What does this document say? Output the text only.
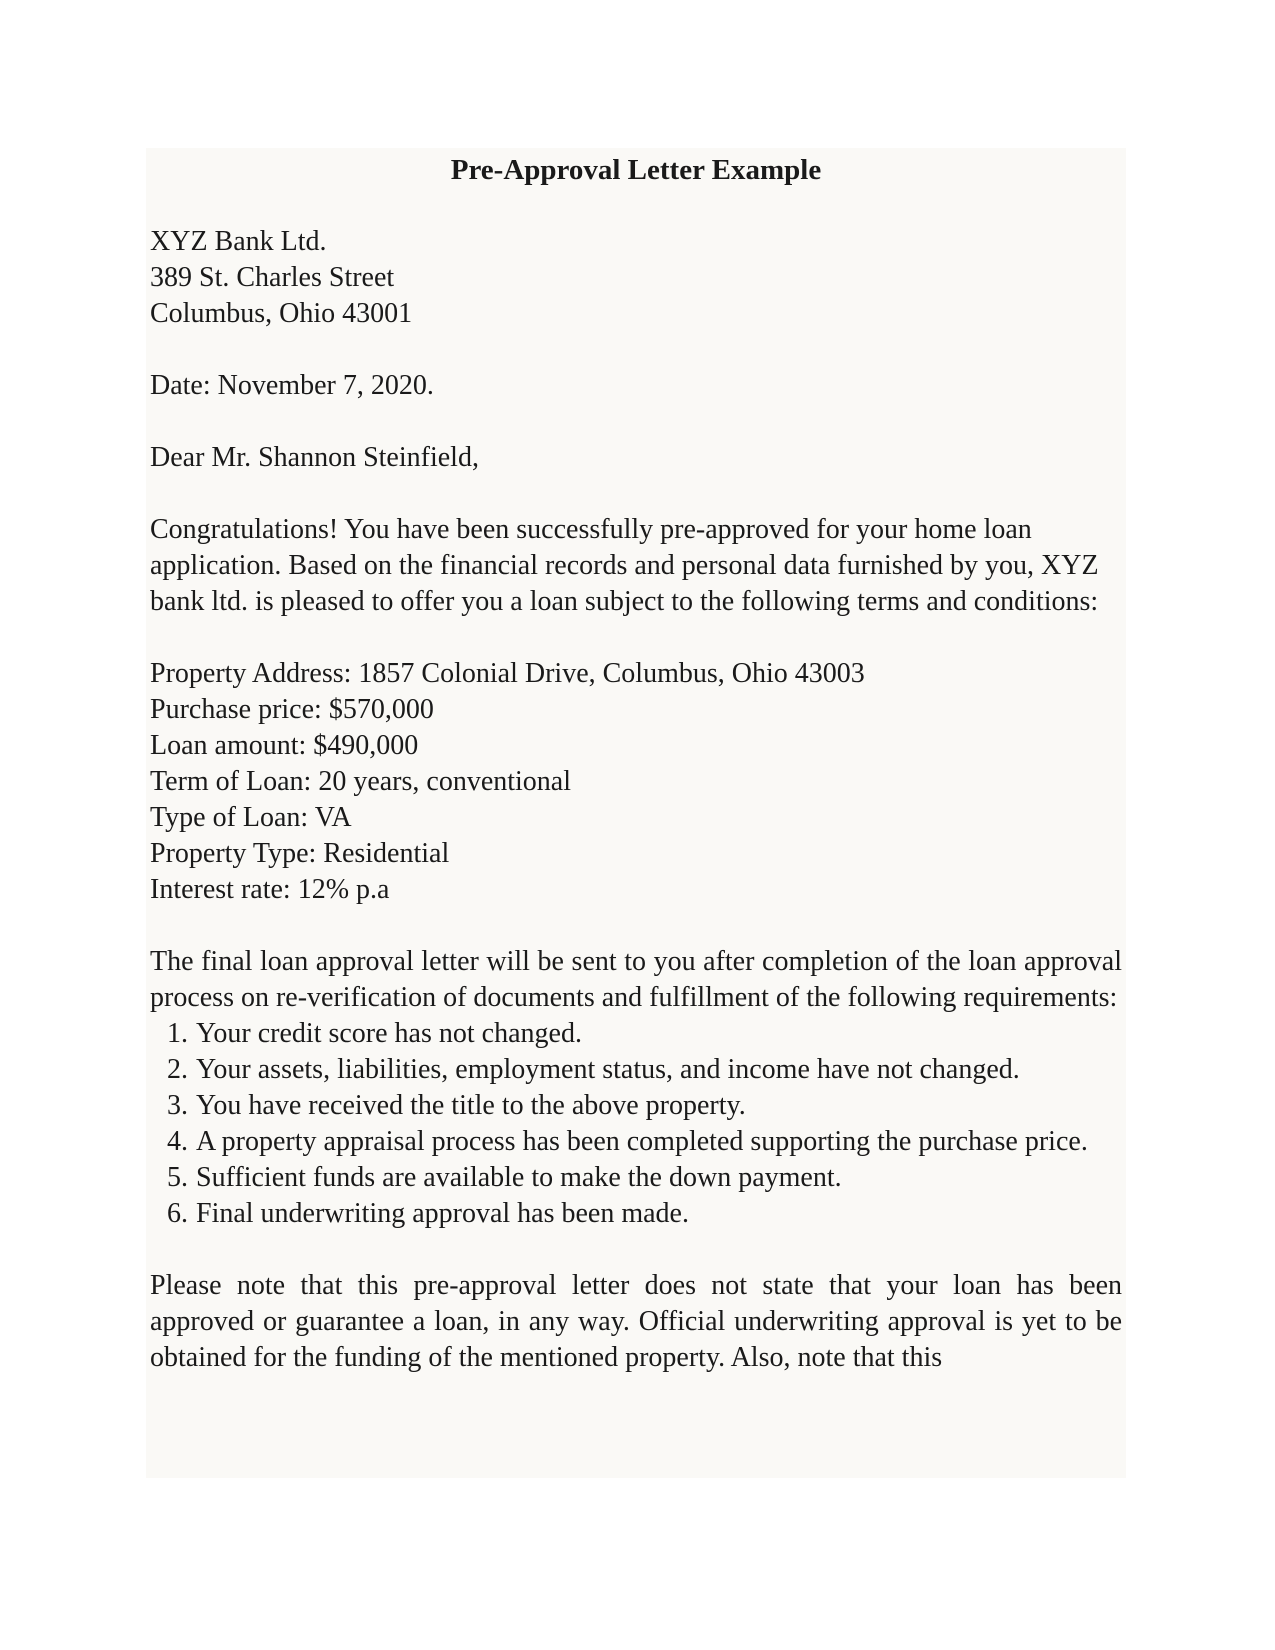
Pre-Approval Letter Example
XYZ Bank Ltd.
389 St. Charles Street
Columbus, Ohio 43001

Date: November 7, 2020.

Dear Mr. Shannon Steinfield,

Congratulations! You have been successfully pre-approved for your home loan application. Based on the financial records and personal data furnished by you, XYZ bank ltd. is pleased to offer you a loan subject to the following terms and conditions:

Property Address: 1857 Colonial Drive, Columbus, Ohio 43003
Purchase price: $570,000
Loan amount: $490,000
Term of Loan: 20 years, conventional
Type of Loan: VA
Property Type: Residential
Interest rate: 12% p.a

The final loan approval letter will be sent to you after completion of the loan approval process on re-verification of documents and fulfillment of the following requirements:

1. Your credit score has not changed.
2. Your assets, liabilities, employment status, and income have not changed.
3. You have received the title to the above property.
4. A property appraisal process has been completed supporting the purchase price.
5. Sufficient funds are available to make the down payment.
6. Final underwriting approval has been made.

Please note that this pre-approval letter does not state that your loan has been approved or guarantee a loan, in any way. Official underwriting approval is yet to be obtained for the funding of the mentioned property. Also, note that this
